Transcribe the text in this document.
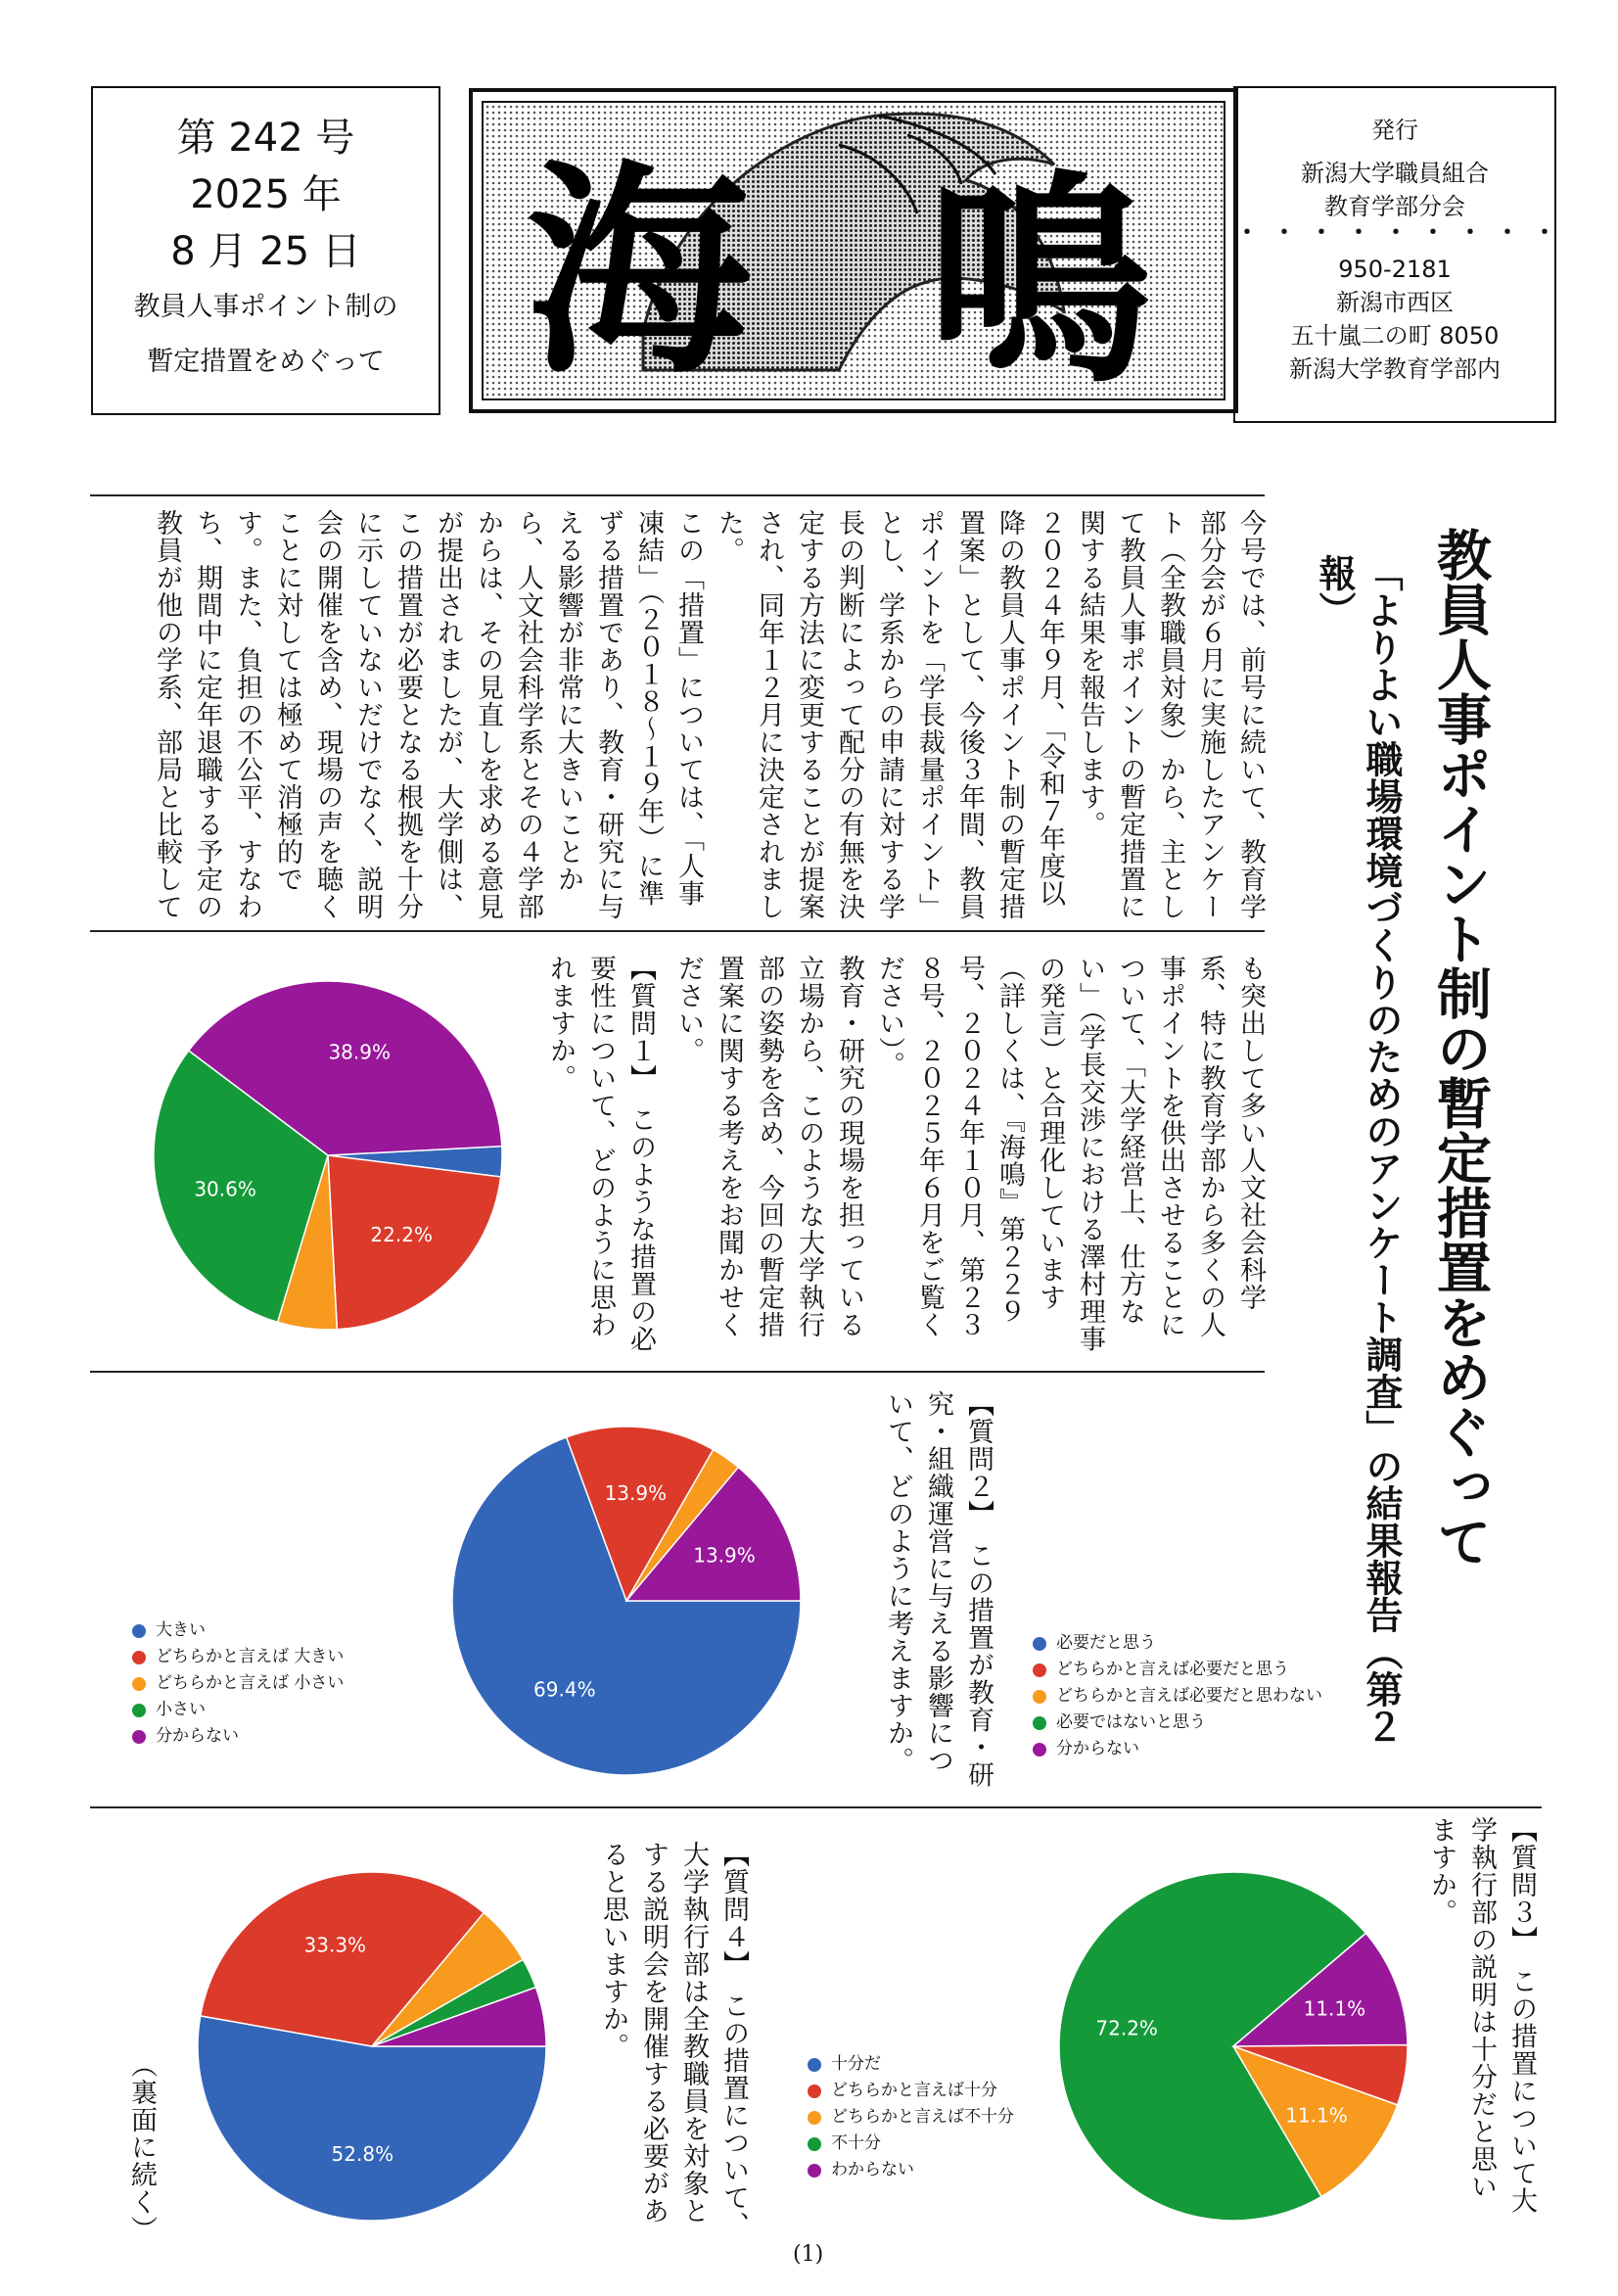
第 242 号
2025 年
8 月 25 日
教員人事ポイント制の
暫定措置をめぐって 海 鳴
発行
新潟大学職員組合
教育学部分会
・・・・・・・・・
950-2181
新潟市西区
五十嵐二の町 8050
新潟大学教育学部内
教員人事ポイント制の暫定措置をめぐって
「よりよい職場環境づくりのためのアンケート調査」の結果報告（第２報）
今号では、前号に続いて、教育学部分会が６月に実施したアンケート（全教職員対象）から、主として教員人事ポイントの暫定措置に関する結果を報告します。
２０２４年９月、「令和７年度以降の教員人事ポイント制の暫定措置案」として、今後３年間、教員ポイントを「学長裁量ポイント」とし、学系からの申請に対する学長の判断によって配分の有無を決定する方法に変更することが提案され、同年１２月に決定されました。
この「措置」については、「人事凍結」（２０１８〜１９年）に準ずる措置であり、教育・研究に与える影響が非常に大きいことから、人文社会科学系とその４学部からは、その見直しを求める意見が提出されましたが、大学側は、この措置が必要となる根拠を十分に示していないだけでなく、説明会の開催を含め、現場の声を聴くことに対しては極めて消極的です。また、負担の不公平、すなわち、期間中に定年退職する予定の教員が他の学系、部局と比較して
も突出して多い人文社会科学系、特に教育学部から多くの人事ポイントを供出させることについて、「大学経営上、仕方ない」（学長交渉における澤村理事の発言）と合理化しています（詳しくは、『海鳴』第２２９号、２０２４年１０月、第２３８号、２０２５年６月をご覧ください）。
教育・研究の現場を担っている立場から、このような大学執行部の姿勢を含め、今回の暫定措置案に関する考えをお聞かせください。
【質問１】　このような措置の必要性について、どのように思われますか。
22.2%
30.6%
38.9%
【質問２】　この措置が教育・研究・組織運営に与える影響について、どのように考えますか。
69.4%
13.9%
13.9%
大きい
どちらかと言えば 大きい
どちらかと言えば 小さい
小さい
分からない
必要だと思う
どちらかと言えば必要だと思う
どちらかと言えば必要だと思わない
必要ではないと思う
分からない
【質問３】　この措置について大学執行部の説明は十分だと思いますか。
11.1%
72.2%
11.1%
十分だ
どちらかと言えば十分
どちらかと言えば不十分
不十分
わからない
【質問４】　この措置について、大学執行部は全教職員を対象とする説明会を開催する必要があると思いますか。
52.8%
33.3%
（裏面に続く）
(1)
